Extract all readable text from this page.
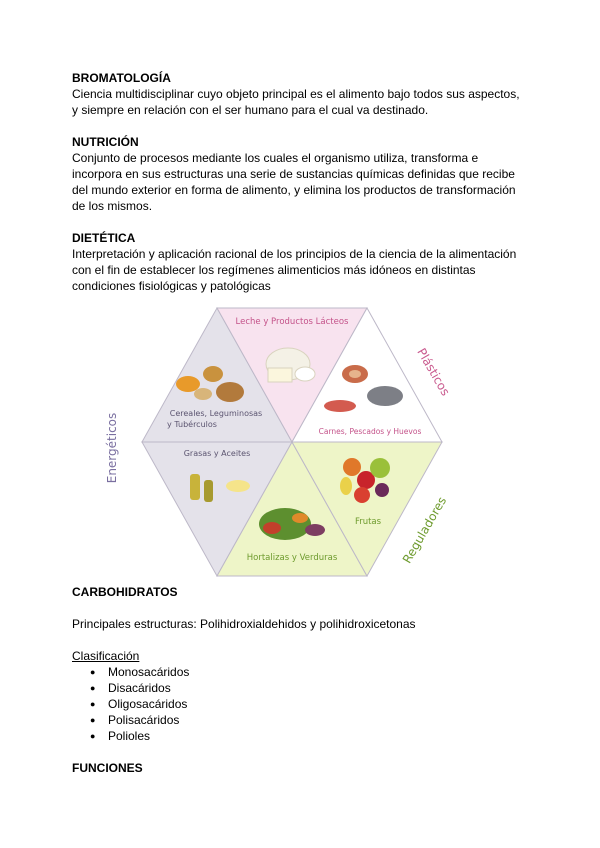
BROMATOLOGÍA

Ciencia multidisciplinar cuyo objeto principal es el alimento bajo todos sus aspectos,

y siempre en relación con el ser humano para el cual va destinado.

NUTRICIÓN

Conjunto de procesos mediante los cuales el organismo utiliza, transforma e

incorpora en sus estructuras una serie de sustancias químicas definidas que recibe

del mundo exterior en forma de alimento, y elimina los productos de transformación

de los mismos.

DIETÉTICA

Interpretación y aplicación racional de los principios de la ciencia de la alimentación

con el fin de establecer los regímenes alimenticios más idóneos en distintas

condiciones fisiológicas y patológicas

Leche y Productos Lácteos
Cereales, Leguminosas
y Tubérculos
Carnes, Pescados y Huevos
Grasas y Aceites
Hortalizas y Verduras
Frutas
Energéticos
Plásticos
Reguladores
CARBOHIDRATOS

Principales estructuras: Polihidroxialdehidos y polihidroxicetonas

Clasificación

● Monosacáridos
● Disacáridos
● Oligosacáridos
● Polisacáridos
● Polioles
FUNCIONES
